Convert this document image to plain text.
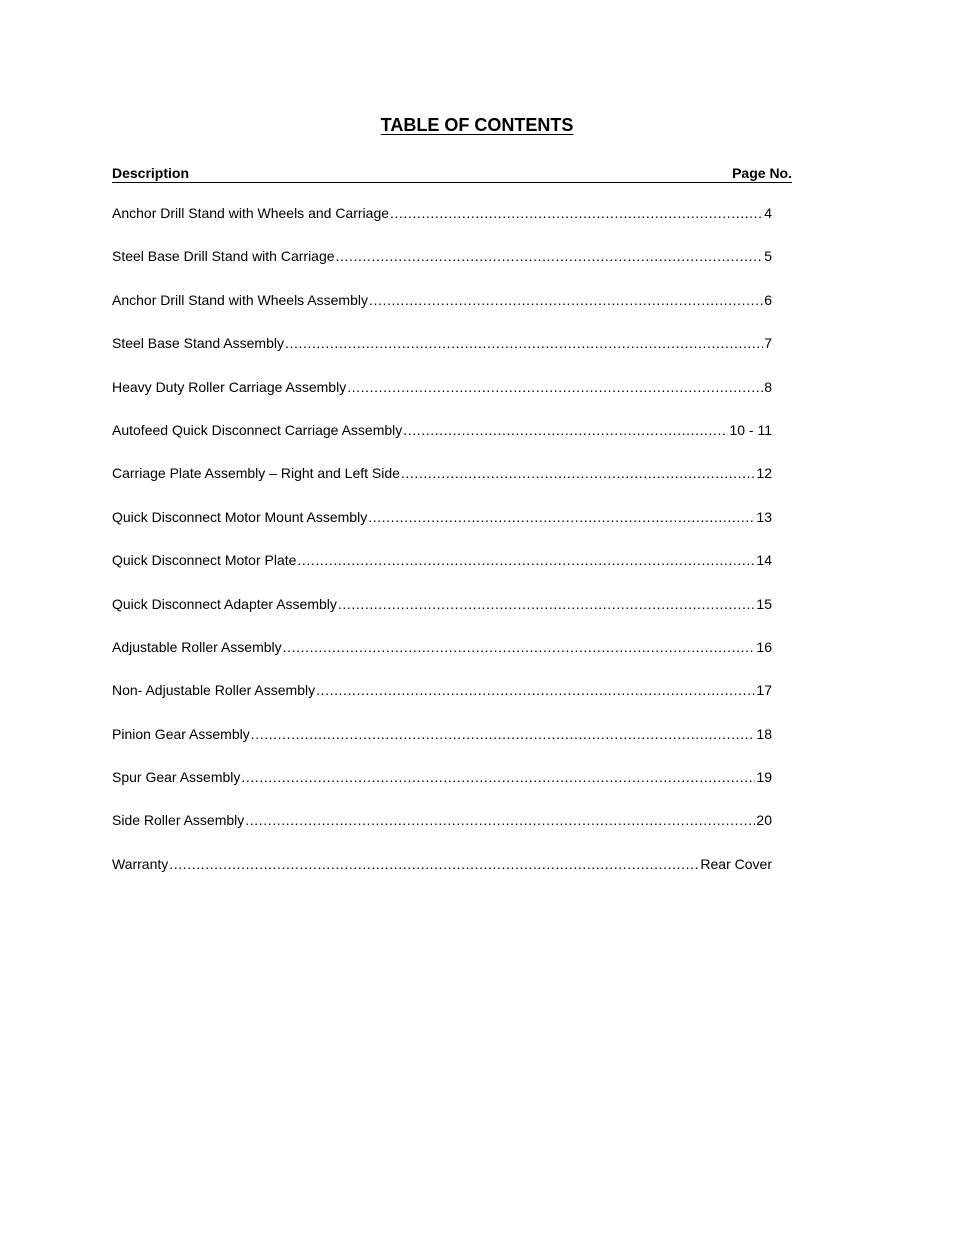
TABLE OF CONTENTS
Description	Page No.
Anchor Drill Stand with Wheels and Carriage .....	4
Steel Base Drill Stand with Carriage .....	5
Anchor Drill Stand with Wheels Assembly .....	6
Steel Base Stand Assembly .....	7
Heavy Duty Roller Carriage Assembly .....	8
Autofeed Quick Disconnect Carriage Assembly .....	10 - 11
Carriage Plate Assembly – Right and Left Side .....	12
Quick Disconnect Motor Mount Assembly .....	13
Quick Disconnect Motor Plate .....	14
Quick Disconnect Adapter Assembly .....	15
Adjustable Roller Assembly .....	16
Non- Adjustable Roller Assembly .....	17
Pinion Gear Assembly .....	18
Spur Gear Assembly .....	19
Side Roller Assembly .....	20
Warranty .....	Rear Cover
